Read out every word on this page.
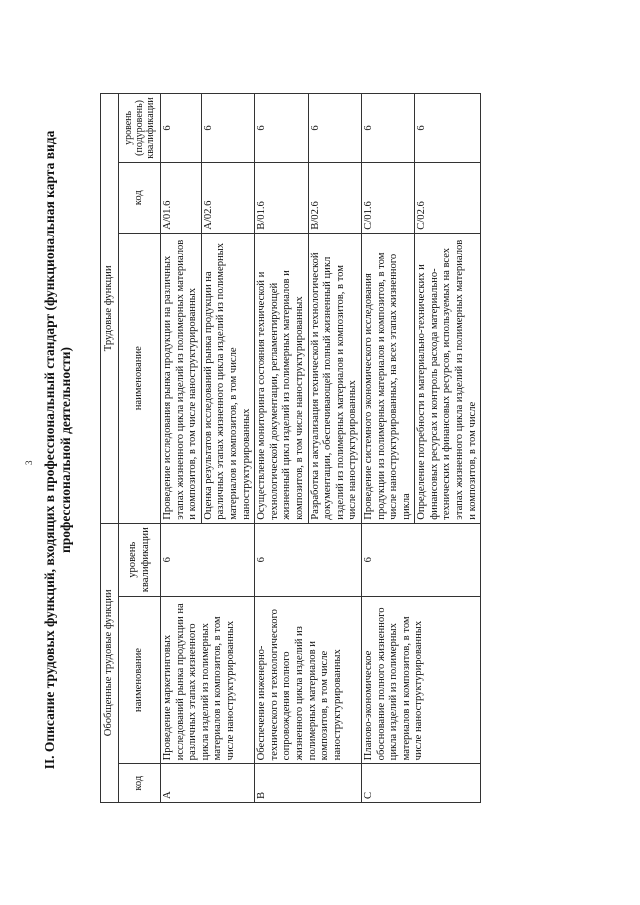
3 II. Описание трудовых функций, входящих в профессиональный стандарт (функциональная карта вида профессиональной деятельности)
Обобщенные трудовые функции			Трудовые функции		
код	наименование	уровень квалификации	наименование	код	уровень (подуровень) квалификации
A	Проведение маркетинговых исследований рынка продукции на различных этапах жизненного цикла изделий из полимерных материалов и композитов, в том числе наноструктурированных	6	Проведение исследования рынка продукции на различных этапах жизненного цикла изделий из полимерных материалов и композитов, в том числе наноструктурированных	A/01.6	6
			Оценка результатов исследований рынка продукции на различных этапах жизненного цикла изделий из полимерных материалов и композитов, в том числе наноструктурированных	A/02.6	6
B	Обеспечение инженерно-технического и технологического сопровождения полного жизненного цикла изделий из полимерных материалов и композитов, в том числе наноструктурированных	6	Осуществление мониторинга состояния технической и технологической документации, регламентирующей жизненный цикл изделий из полимерных материалов и композитов, в том числе наноструктурированных	B/01.6	6
			Разработка и актуализация технической и технологической документации, обеспечивающей полный жизненный цикл изделий из полимерных материалов и композитов, в том числе наноструктурированных	B/02.6	6
C	Планово-экономическое обоснование полного жизненного цикла изделий из полимерных материалов и композитов, в том числе наноструктурированных	6	Проведение системного экономического исследования продукции из полимерных материалов и композитов, в том числе наноструктурированных, на всех этапах жизненного цикла	C/01.6	6
			Определение потребности в материально-технических и финансовых ресурсах и контроль расхода материально-технических и финансовых ресурсов, используемых на всех этапах жизненного цикла изделий из полимерных материалов и композитов, в том числе	C/02.6	6
